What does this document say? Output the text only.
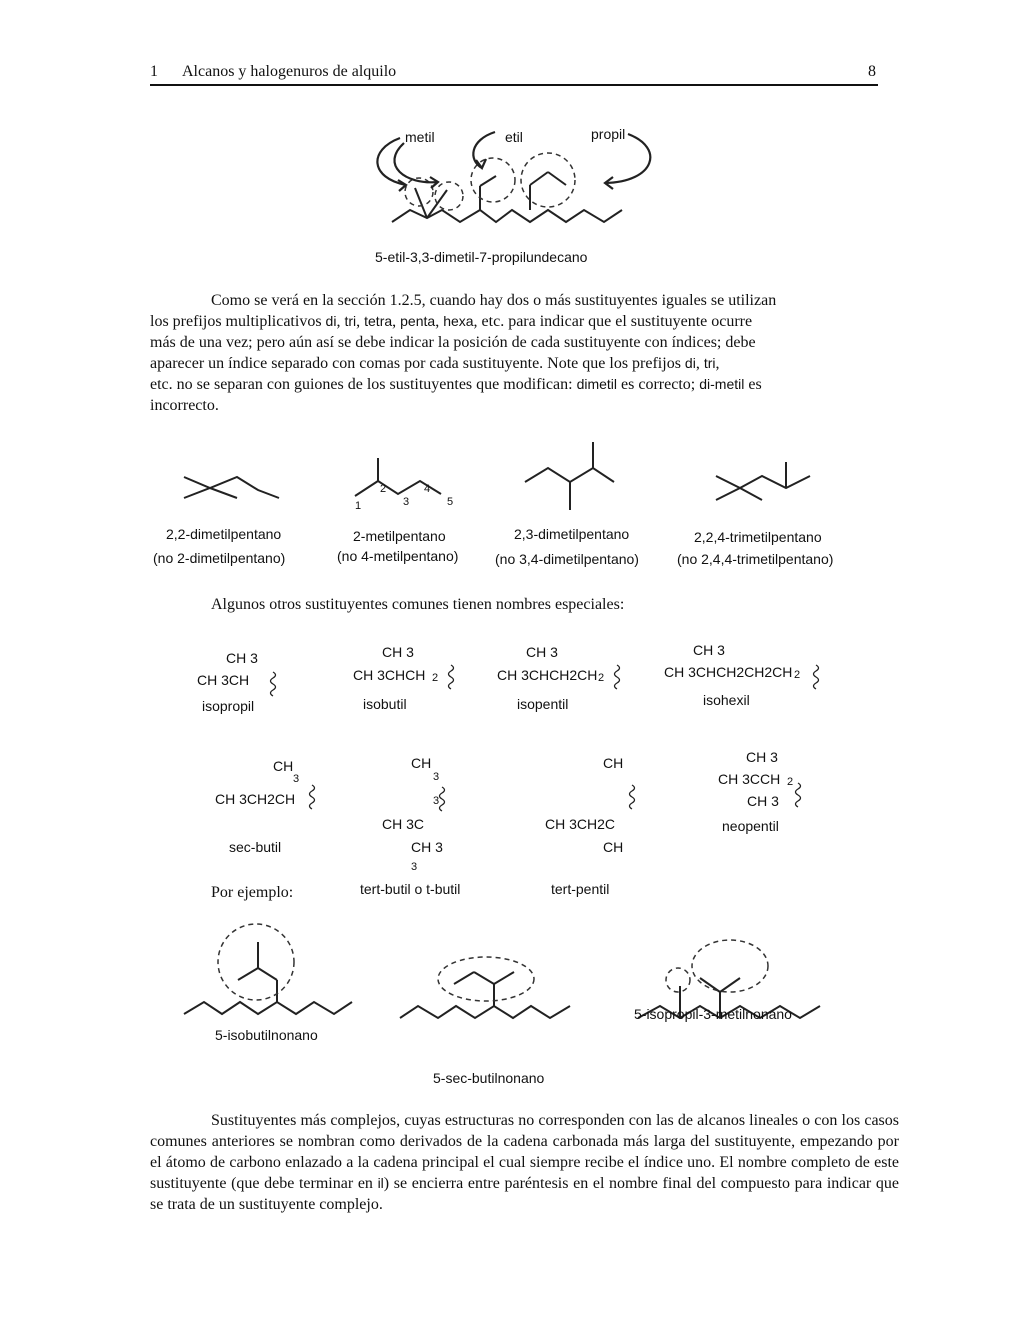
1 Alcanos y halogenuros de alquilo	8
metil	etil	propil
5-etil-3,3-dimetil-7-propilundecano
Como se verá en la sección 1.2.5, cuando hay dos o más sustituyentes iguales se utilizan
los prefijos multiplicativos di, tri, tetra, penta, hexa, etc. para indicar que el sustituyente ocurre
más de una vez; pero aún así se debe indicar la posición de cada sustituyente con índices; debe
aparecer un índice separado con comas por cada sustituyente. Note que los prefijos di, tri,
etc. no se separan con guiones de los sustituyentes que modifican: dimetil es correcto; di-metil es
incorrecto.
1
2
3
4
5
2,2-dimetilpentano
(no 2-dimetilpentano)
2-metilpentano
(no 4-metilpentano)
2,3-dimetilpentano
(no 3,4-dimetilpentano)
2,2,4-trimetilpentano
(no 2,4,4-trimetilpentano)
Algunos otros sustituyentes comunes tienen nombres especiales:
CH 3
CH 3CH
isopropil
CH 3
CH 3CHCH 2
isobutil
CH 3
CH 3CHCH2CH 2
isopentil
CH 3
CH 3CHCH2CH2CH 2
isohexil
CH
3
CH 3CH2CH
sec-butil
CH
3
3
CH 3C
CH 3
3
tert-butil o t-butil
CH
CH 3CH2C
CH
tert-pentil
CH 3
CH 3CCH 2
CH 3
neopentil
Por ejemplo:
5-isobutilnonano
5-sec-butilnonano
5-isopropil-3-metilnonano
Sustituyentes más complejos, cuyas estructuras no corresponden con las de alcanos lineales o con los casos comunes anteriores se nombran como derivados de la cadena carbonada más larga del sustituyente, empezando por el átomo de carbono enlazado a la cadena principal el cual siempre recibe el índice uno. El nombre completo de este sustituyente (que debe terminar en il) se encierra entre paréntesis en el nombre final del compuesto para indicar que se trata de un sustituyente complejo.
